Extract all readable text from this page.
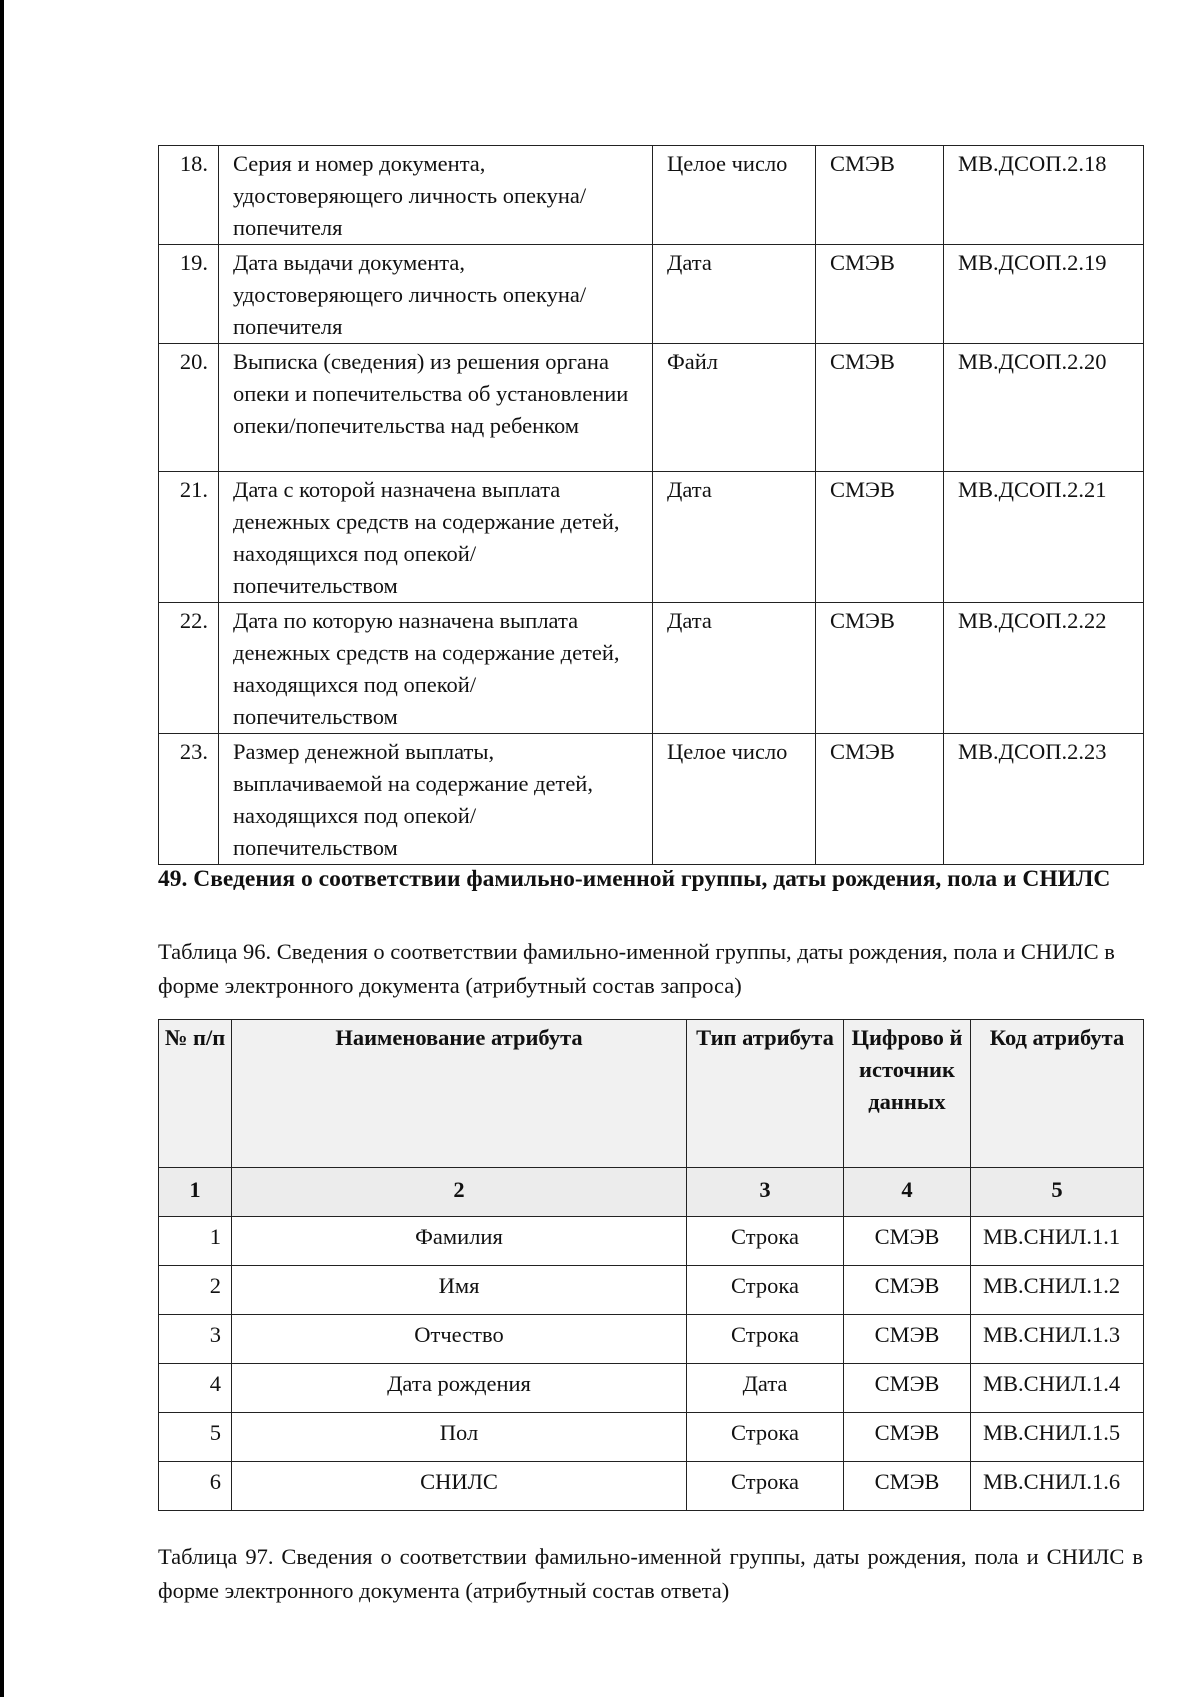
18.	Серия и номер документа, удостоверяющего личность опекуна/попечителя	Целое число	СМЭВ	МВ.ДСОП.2.18
19.	Дата выдачи документа, удостоверяющего личность опекуна/попечителя	Дата	СМЭВ	МВ.ДСОП.2.19
20.	Выписка (сведения) из решения органа опеки и попечительства об установлении опеки/попечительства над ребенком	Файл	СМЭВ	МВ.ДСОП.2.20
21.	Дата с которой назначена выплата денежных средств на содержание детей, находящихся под опекой/попечительством	Дата	СМЭВ	МВ.ДСОП.2.21
22.	Дата по которую назначена выплата денежных средств на содержание детей, находящихся под опекой/попечительством	Дата	СМЭВ	МВ.ДСОП.2.22
23.	Размер денежной выплаты, выплачиваемой на содержание детей, находящихся под опекой/попечительством	Целое число	СМЭВ	МВ.ДСОП.2.23
49. Сведения о соответствии фамильно-именной группы, даты рождения, пола и СНИЛС
Таблица 96. Сведения о соответствии фамильно-именной группы, даты рождения, пола и СНИЛС в форме электронного документа (атрибутный состав запроса)
№ п/п	Наименование атрибута	Тип атрибута	Цифрово й источник данных	Код атрибута
1	2	3	4	5
1	Фамилия	Строка	СМЭВ	МВ.СНИЛ.1.1
2	Имя	Строка	СМЭВ	МВ.СНИЛ.1.2
3	Отчество	Строка	СМЭВ	МВ.СНИЛ.1.3
4	Дата рождения	Дата	СМЭВ	МВ.СНИЛ.1.4
5	Пол	Строка	СМЭВ	МВ.СНИЛ.1.5
6	СНИЛС	Строка	СМЭВ	МВ.СНИЛ.1.6
Таблица 97. Сведения о соответствии фамильно-именной группы, даты рождения, пола и СНИЛС в форме электронного документа (атрибутный состав ответа)
